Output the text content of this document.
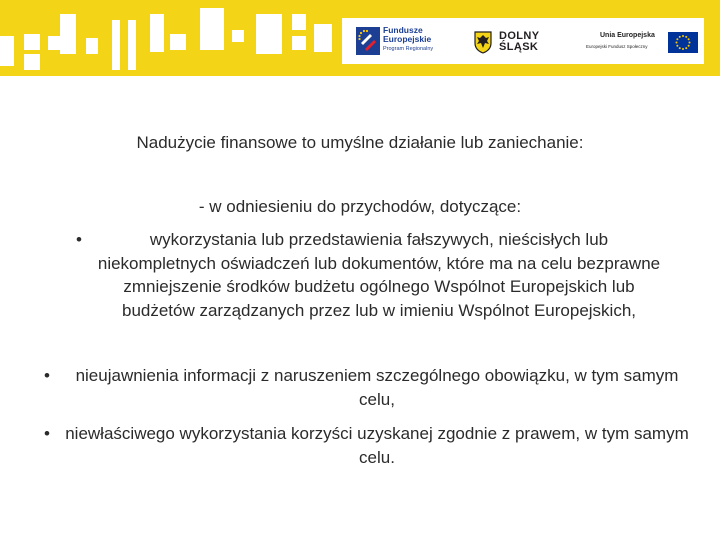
Fundusze
Europejskie
Program Regionalny
DOLNY
ŚLĄSK
Unia Europejska
Europejski Fundusz Społeczny
Nadużycie finansowe to umyślne działanie lub zaniechanie:
- w odniesieniu do przychodów, dotyczące:
•	wykorzystania lub przedstawienia fałszywych, nieścisłych lub niekompletnych oświadczeń lub dokumentów, które ma na celu bezprawne zmniejszenie środków budżetu ogólnego Wspólnot Europejskich lub budżetów zarządzanych przez lub w imieniu Wspólnot Europejskich,
•	nieujawnienia informacji z naruszeniem szczególnego obowiązku, w tym samym celu,
• niewłaściwego wykorzystania korzyści uzyskanej zgodnie z prawem, w tym samym celu.
